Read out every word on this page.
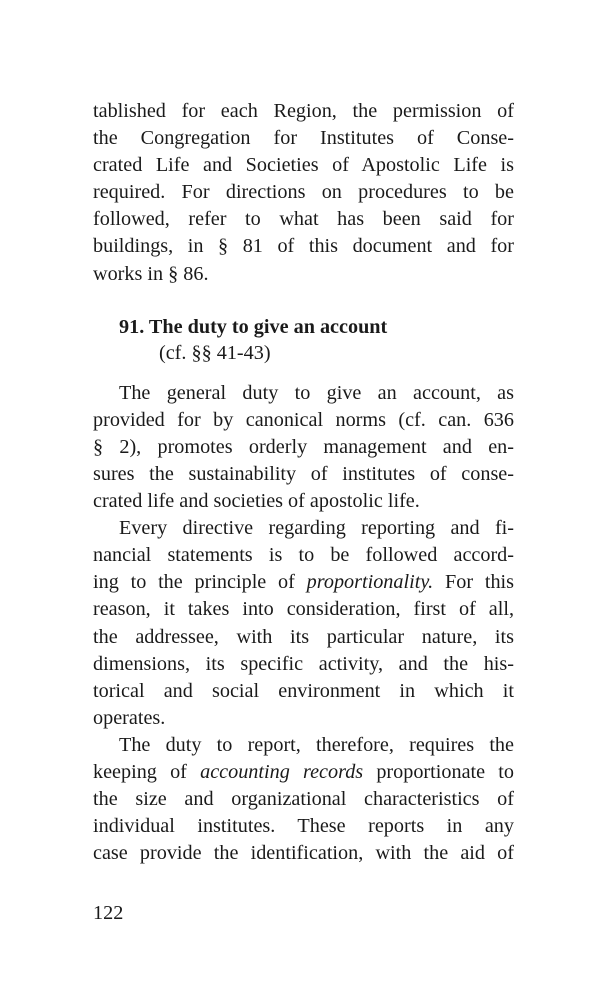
tablished for each Region, the permission of
the Congregation for Institutes of Conse-
crated Life and Societies of Apostolic Life is
required. For directions on procedures to be
followed, refer to what has been said for
buildings, in § 81 of this document and for
works in § 86.
91. The duty to give an account
(cf. §§ 41-43)
The general duty to give an account, as
provided for by canonical norms (cf. can. 636
§ 2), promotes orderly management and en-
sures the sustainability of institutes of conse-
crated life and societies of apostolic life.
Every directive regarding reporting and fi-
nancial statements is to be followed accord-
ing to the principle of proportionality. For this
reason, it takes into consideration, first of all,
the addressee, with its particular nature, its
dimensions, its specific activity, and the his-
torical and social environment in which it
operates.
The duty to report, therefore, requires the
keeping of accounting records proportionate to
the size and organizational characteristics of
individual institutes. These reports in any
case provide the identification, with the aid of
122
